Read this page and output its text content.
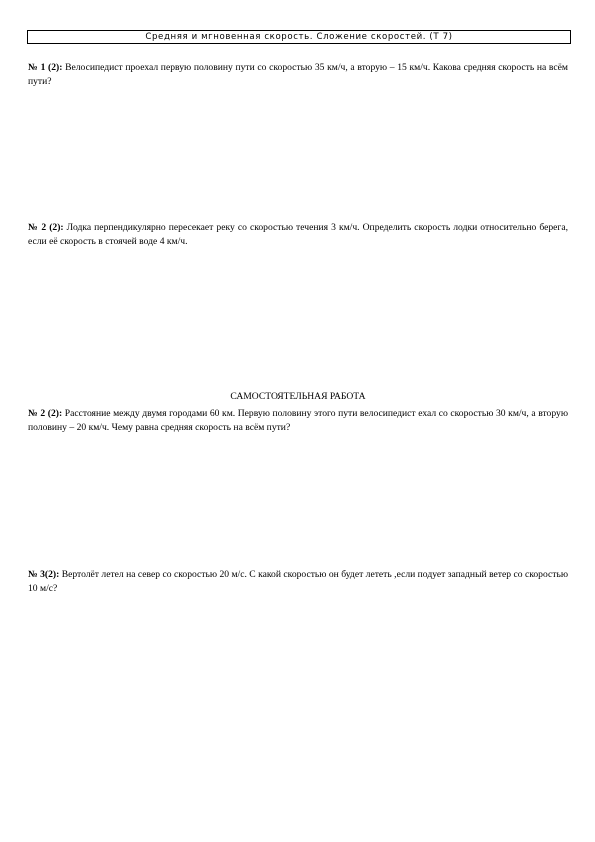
Средняя и мгновенная скорость. Сложение скоростей. (Т 7)
№ 1 (2): Велосипедист проехал первую половину пути со скоростью 35 км/ч, а вторую – 15 км/ч. Какова средняя скорость на всём пути?
№ 2 (2): Лодка перпендикулярно пересекает реку со скоростью течения 3 км/ч. Определить скорость лодки относительно берега, если её скорость в стоячей воде 4 км/ч.
САМОСТОЯТЕЛЬНАЯ РАБОТА
№ 2 (2): Расстояние между двумя городами 60 км. Первую половину этого пути велосипедист ехал со скоростью 30 км/ч, а вторую половину – 20 км/ч. Чему равна средняя скорость на всём пути?
№ 3(2): Вертолёт летел на север со скоростью 20 м/с. С какой скоростью он будет лететь ,если подует западный ветер со скоростью 10 м/с?
